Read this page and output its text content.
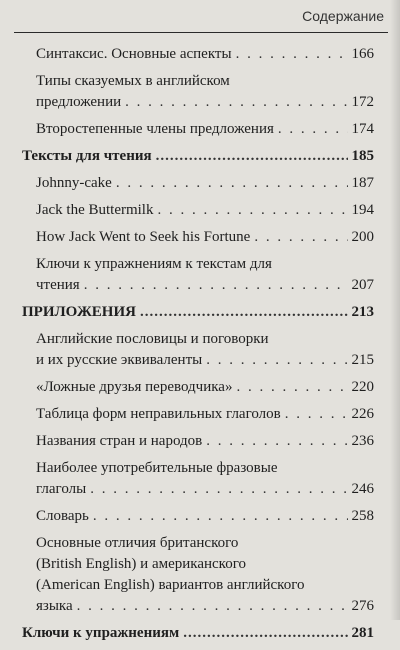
Содержание
Синтаксис. Основные аспекты . . .	166
Типы сказуемых в английском
предложении . . .	172
Второстепенные члены предложения . . .	174
Тексты для чтения .....	185
Johnny-cake . . .	187
Jack the Buttermilk . . .	194
How Jack Went to Seek his Fortune . . .	200
Ключи к упражнениям к текстам для
чтения . . .	207
ПРИЛОЖЕНИЯ .....	213
Английские пословицы и поговорки
и их русские эквиваленты . . .	215
«Ложные друзья переводчика» . . .	220
Таблица форм неправильных глаголов . . .	226
Названия стран и народов . . .	236
Наиболее употребительные фразовые
глаголы . . .	246
Словарь . . .	258
Основные отличия британского
(British English) и американского
(American English) вариантов английского
языка . . .	276
Ключи к упражнениям .....	281
